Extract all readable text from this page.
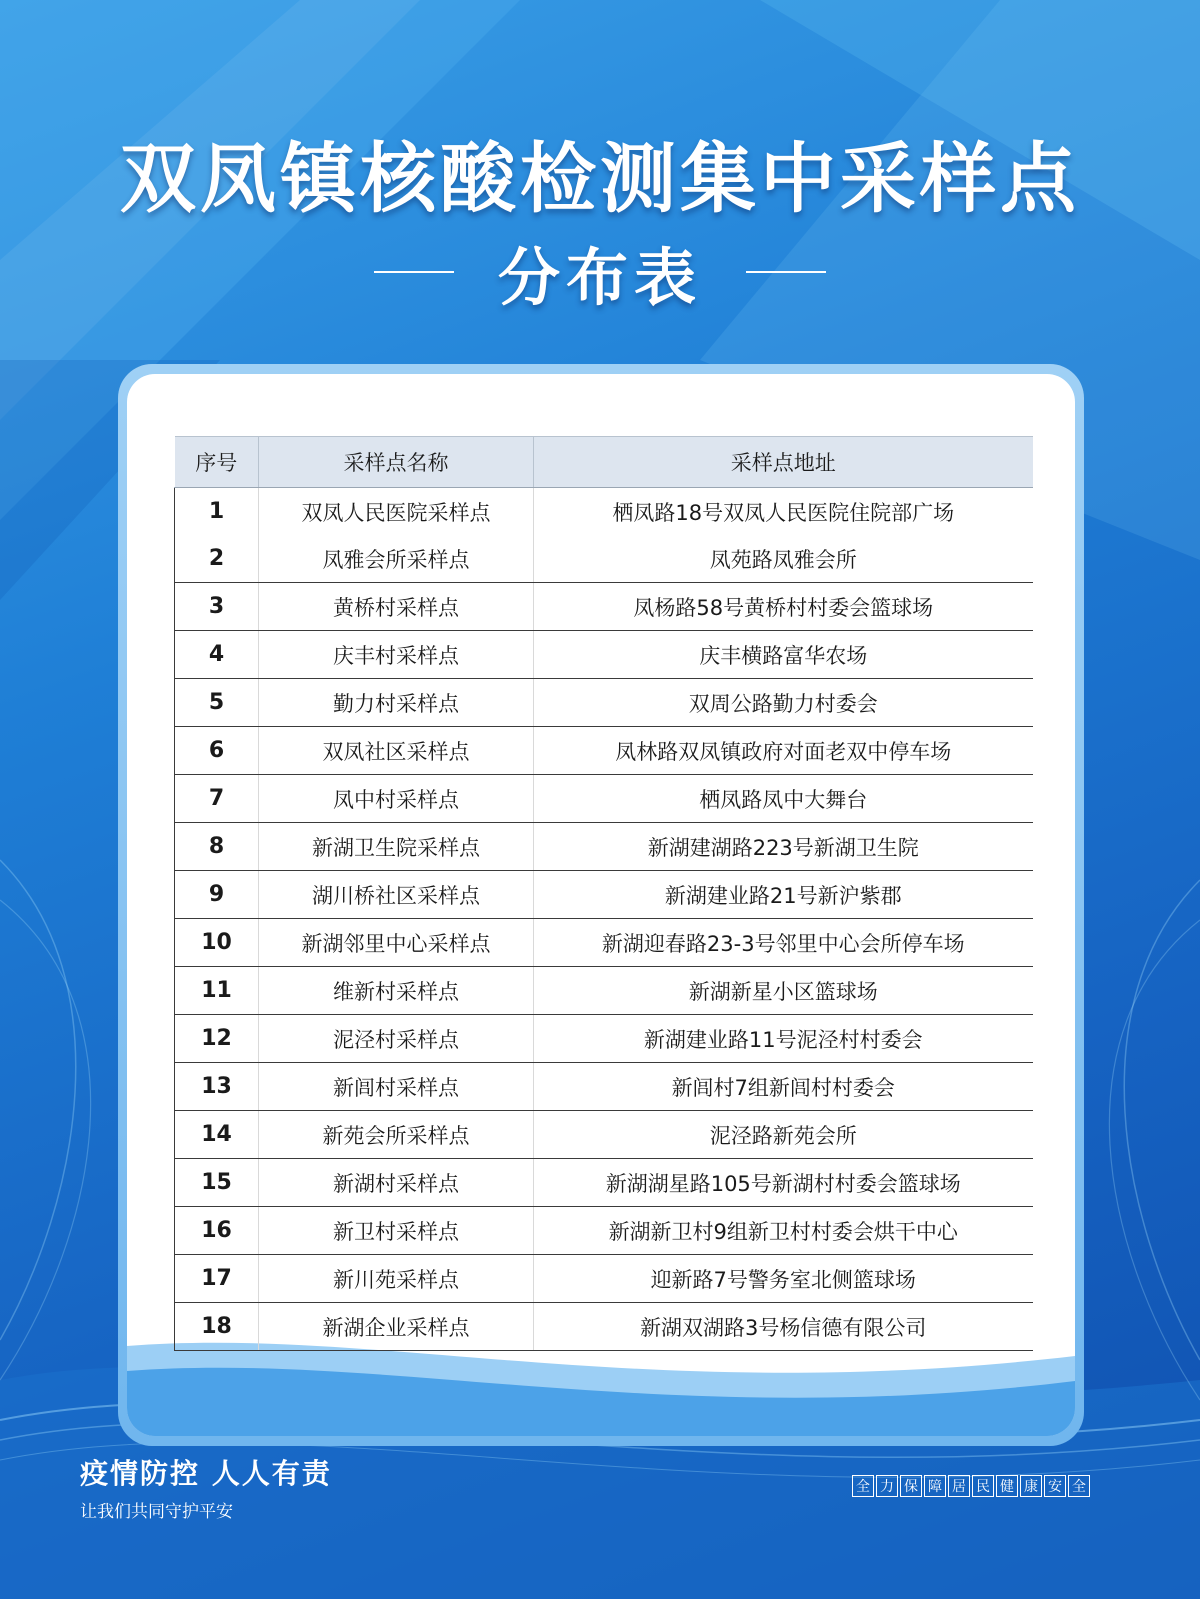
双凤镇核酸检测集中采样点
分布表
序号	采样点名称	采样点地址
1	双凤人民医院采样点	栖凤路18号双凤人民医院住院部广场
2	凤雅会所采样点	凤苑路凤雅会所
3	黄桥村采样点	凤杨路58号黄桥村村委会篮球场
4	庆丰村采样点	庆丰横路富华农场
5	勤力村采样点	双周公路勤力村委会
6	双凤社区采样点	凤林路双凤镇政府对面老双中停车场
7	凤中村采样点	栖凤路凤中大舞台
8	新湖卫生院采样点	新湖建湖路223号新湖卫生院
9	湖川桥社区采样点	新湖建业路21号新沪紫郡
10	新湖邻里中心采样点	新湖迎春路23-3号邻里中心会所停车场
11	维新村采样点	新湖新星小区篮球场
12	泥泾村采样点	新湖建业路11号泥泾村村委会
13	新闾村采样点	新闾村7组新闾村村委会
14	新苑会所采样点	泥泾路新苑会所
15	新湖村采样点	新湖湖星路105号新湖村村委会篮球场
16	新卫村采样点	新湖新卫村9组新卫村村委会烘干中心
17	新川苑采样点	迎新路7号警务室北侧篮球场
18	新湖企业采样点	新湖双湖路3号杨信德有限公司
疫情防控 人人有责
让我们共同守护平安
全 力 保 障 居 民 健 康 安 全
